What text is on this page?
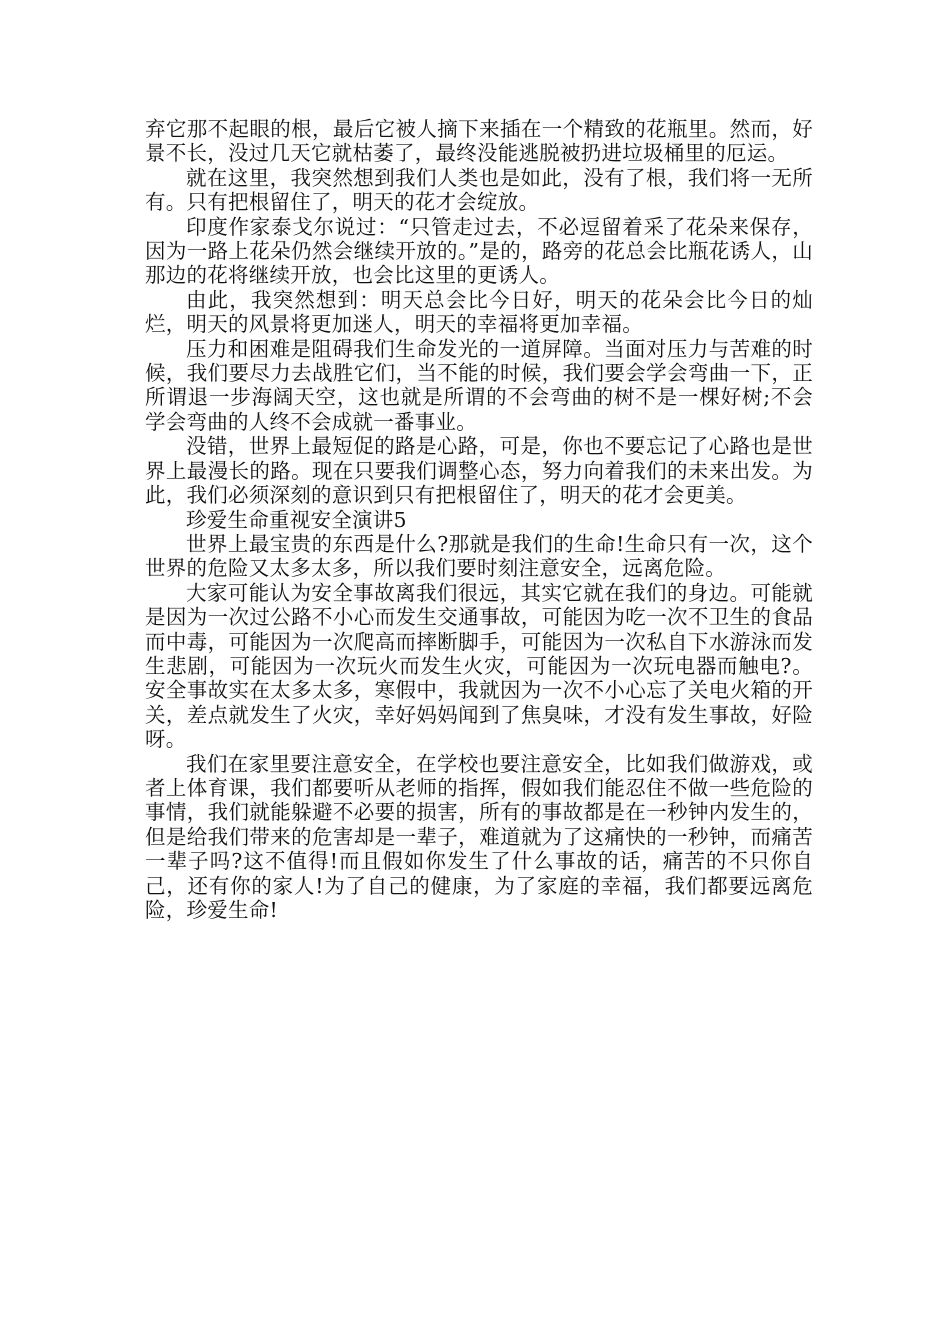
弃它那不起眼的根，最后它被人摘下来插在一个精致的花瓶里。然而，好景不长，没过几天它就枯萎了，最终没能逃脱被扔进垃圾桶里的厄运。

就在这里，我突然想到我们人类也是如此，没有了根，我们将一无所有。只有把根留住了，明天的花才会绽放。

印度作家泰戈尔说过：“只管走过去，不必逗留着采了花朵来保存，因为一路上花朵仍然会继续开放的。”是的，路旁的花总会比瓶花诱人，山那边的花将继续开放，也会比这里的更诱人。

由此，我突然想到：明天总会比今日好，明天的花朵会比今日的灿烂，明天的风景将更加迷人，明天的幸福将更加幸福。

压力和困难是阻碍我们生命发光的一道屏障。当面对压力与苦难的时候，我们要尽力去战胜它们，当不能的时候，我们要会学会弯曲一下，正所谓退一步海阔天空，这也就是所谓的不会弯曲的树不是一棵好树;不会学会弯曲的人终不会成就一番事业。

没错，世界上最短促的路是心路，可是，你也不要忘记了心路也是世界上最漫长的路。现在只要我们调整心态，努力向着我们的未来出发。为此，我们必须深刻的意识到只有把根留住了，明天的花才会更美。

珍爱生命重视安全演讲5

世界上最宝贵的东西是什么?那就是我们的生命!生命只有一次，这个世界的危险又太多太多，所以我们要时刻注意安全，远离危险。

大家可能认为安全事故离我们很远，其实它就在我们的身边。可能就是因为一次过公路不小心而发生交通事故，可能因为吃一次不卫生的食品而中毒，可能因为一次爬高而摔断脚手，可能因为一次私自下水游泳而发生悲剧，可能因为一次玩火而发生火灾，可能因为一次玩电器而触电?。安全事故实在太多太多，寒假中，我就因为一次不小心忘了关电火箱的开关，差点就发生了火灾，幸好妈妈闻到了焦臭味，才没有发生事故，好险呀。

我们在家里要注意安全，在学校也要注意安全，比如我们做游戏，或者上体育课，我们都要听从老师的指挥，假如我们能忍住不做一些危险的事情，我们就能躲避不必要的损害，所有的事故都是在一秒钟内发生的，但是给我们带来的危害却是一辈子，难道就为了这痛快的一秒钟，而痛苦一辈子吗?这不值得!而且假如你发生了什么事故的话，痛苦的不只你自己，还有你的家人!为了自己的健康，为了家庭的幸福，我们都要远离危险，珍爱生命!
